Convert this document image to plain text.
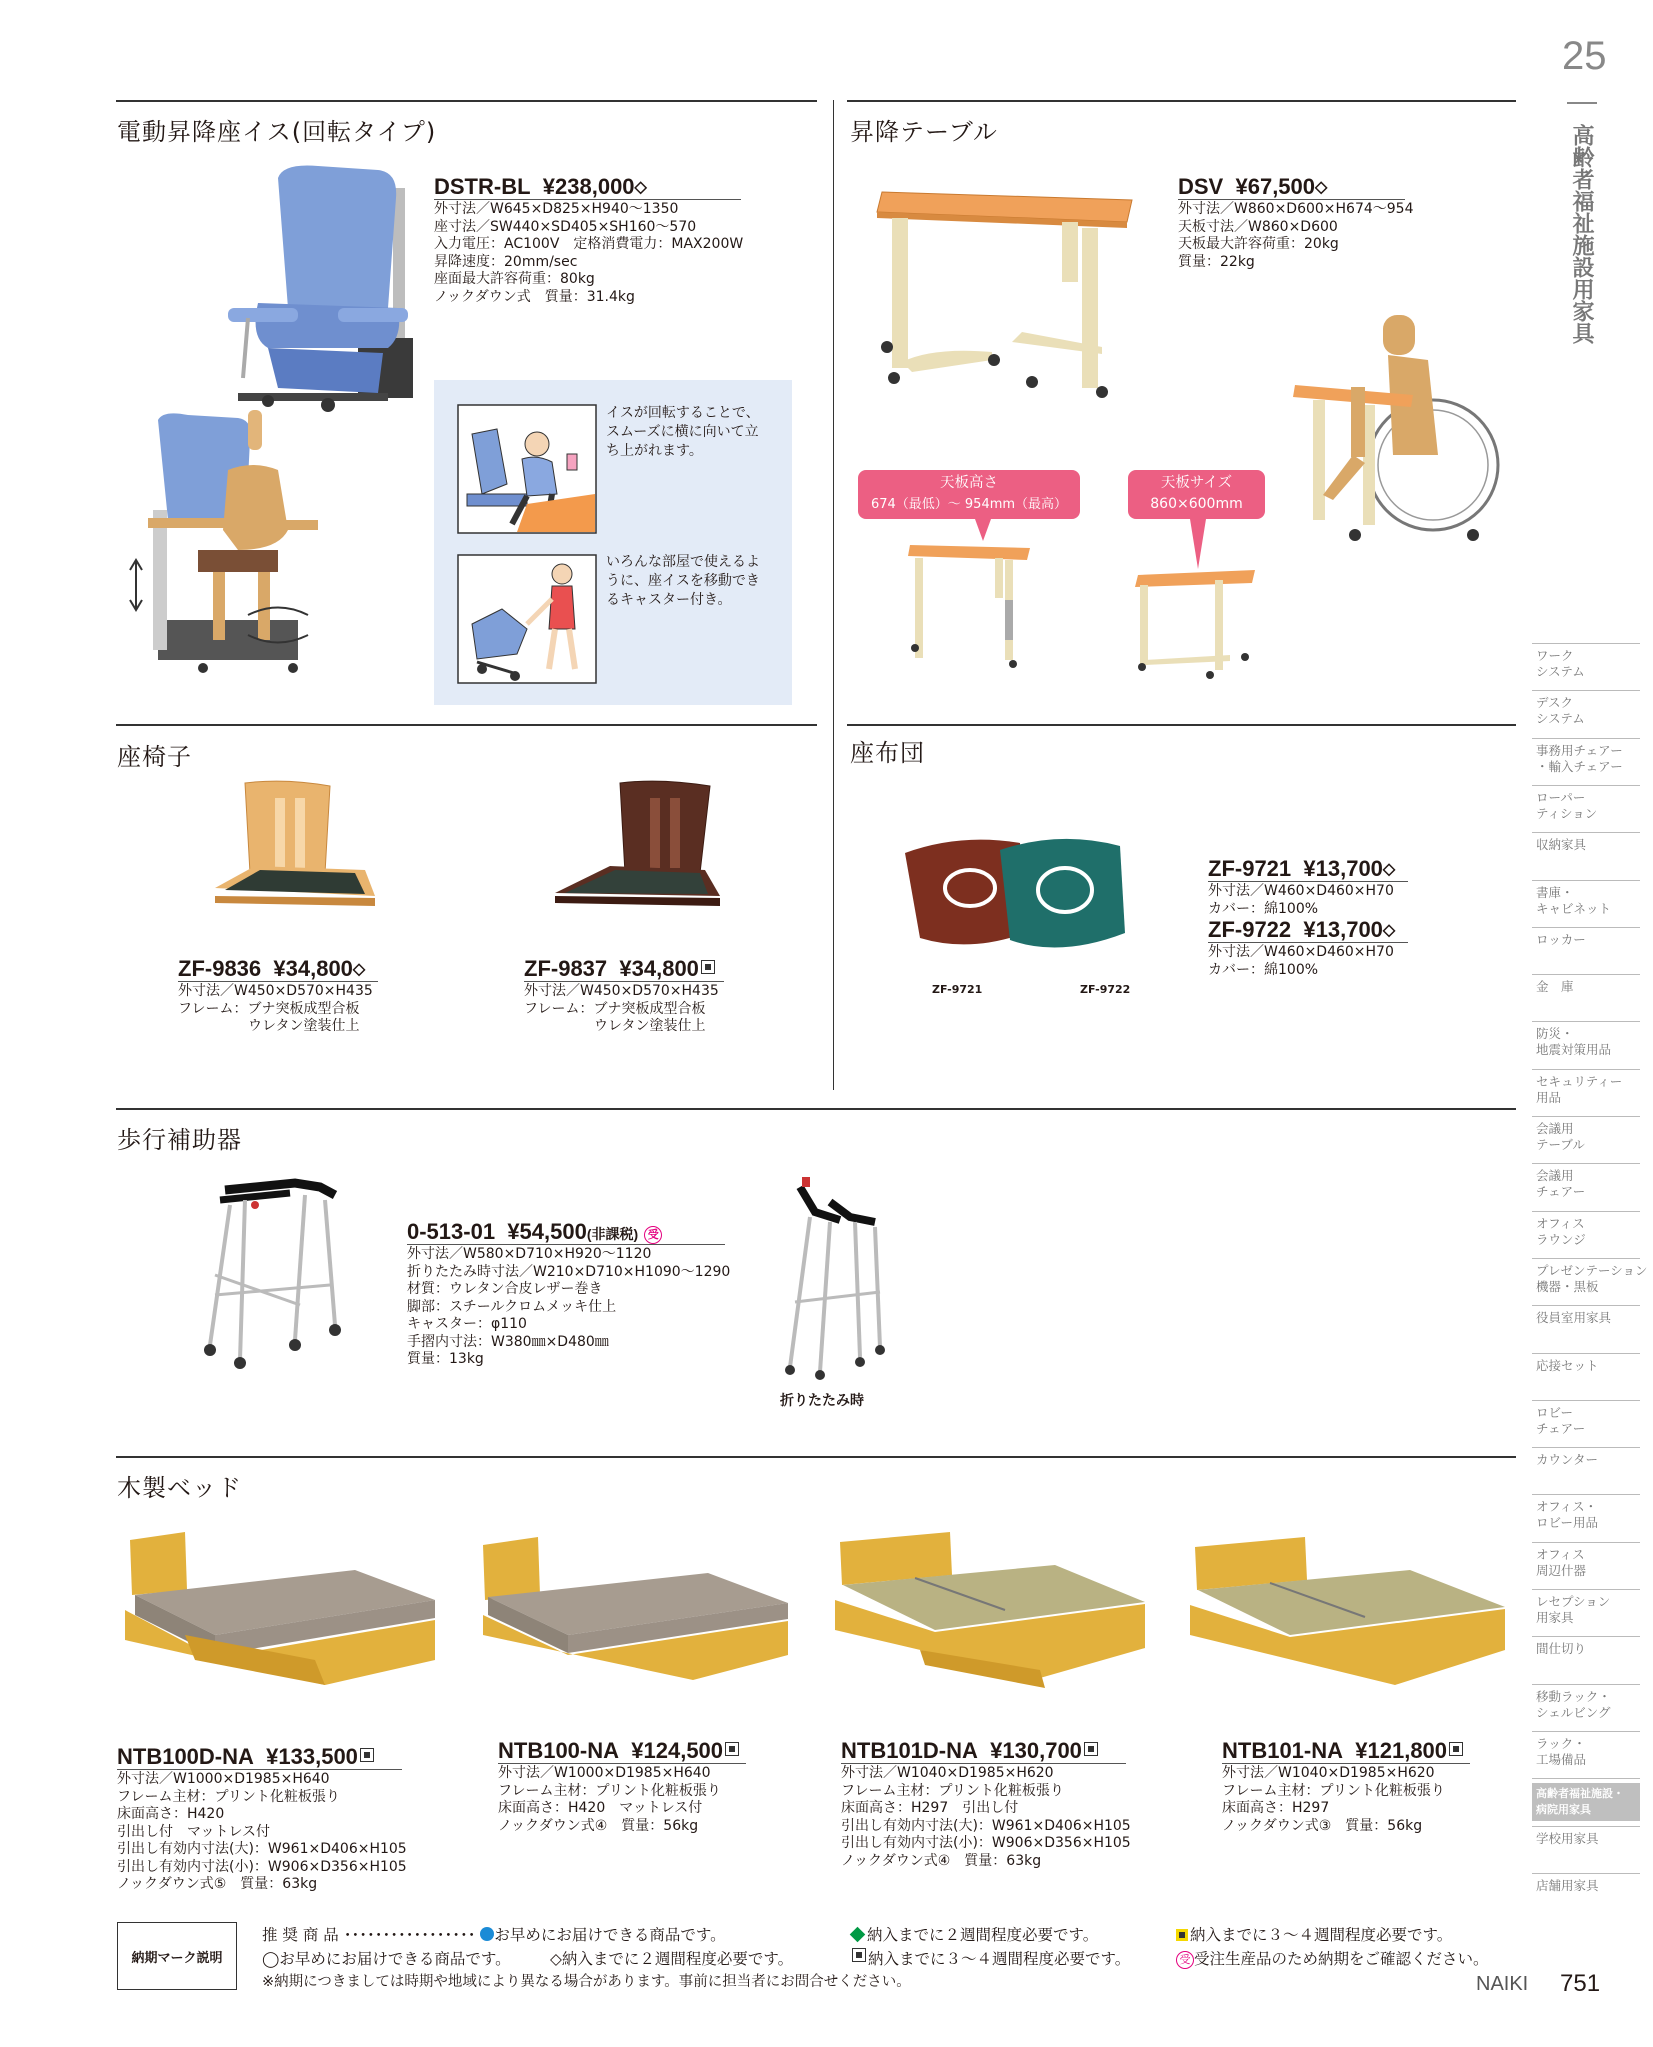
25
高齢者福祉施設用家具
電動昇降座イス(回転タイプ)
DSTR-BL ¥238,000◇
外寸法／W645×D825×H940～1350
座寸法／SW440×SD405×SH160～570
入力電圧：AC100V　定格消費電力：MAX200W
昇降速度：20mm/sec
座面最大許容荷重：80kg
ノックダウン式　質量：31.4kg
イスが回転することで、
スムーズに横に向いて立
ち上がれます。
いろんな部屋で使えるよ
うに、座イスを移動でき
るキャスター付き。
昇降テーブル
DSV ¥67,500◇
外寸法／W860×D600×H674～954
天板寸法／W860×D600
天板最大許容荷重：20kg
質量：22kg
天板高さ
674（最低）～ 954mm（最高）
天板サイズ
860×600mm
座椅子
ZF-9836 ¥34,800◇
外寸法／W450×D570×H435
フレーム：ブナ突板成型合板
　　　　　ウレタン塗装仕上
ZF-9837 ¥34,800
外寸法／W450×D570×H435
フレーム：ブナ突板成型合板
　　　　　ウレタン塗装仕上
座布団
ZF-9721	ZF-9722
ZF-9721 ¥13,700◇
外寸法／W460×D460×H70
カバー：綿100%
ZF-9722 ¥13,700◇
外寸法／W460×D460×H70
カバー：綿100%
歩行補助器
0-513-01 ¥54,500(非課税) 受
外寸法／W580×D710×H920～1120
折りたたみ時寸法／W210×D710×H1090～1290
材質：ウレタン合皮レザー巻き
脚部：スチールクロムメッキ仕上
キャスター：φ110
手摺内寸法：W380㎜×D480㎜
質量：13kg
折りたたみ時
木製ベッド
NTB100D-NA ¥133,500
外寸法／W1000×D1985×H640
フレーム主材：プリント化粧板張り
床面高さ：H420
引出し付　マットレス付
引出し有効内寸法(大)：W961×D406×H105
引出し有効内寸法(小)：W906×D356×H105
ノックダウン式⑤　質量：63kg
NTB100-NA ¥124,500
外寸法／W1000×D1985×H640
フレーム主材：プリント化粧板張り
床面高さ：H420　マットレス付
ノックダウン式④　質量：56kg
NTB101D-NA ¥130,700
外寸法／W1040×D1985×H620
フレーム主材：プリント化粧板張り
床面高さ：H297　引出し付
引出し有効内寸法(大)：W961×D406×H105
引出し有効内寸法(小)：W906×D356×H105
ノックダウン式④　質量：63kg
NTB101-NA ¥121,800
外寸法／W1040×D1985×H620
フレーム主材：プリント化粧板張り
床面高さ：H297
ノックダウン式③　質量：56kg
ワーク
システム
デスク
システム
事務用チェアー
・輸入チェアー
ローパー
ティション
収納家具
書庫・
キャビネット
ロッカー
金　庫
防災・
地震対策用品
セキュリティー
用品
会議用
テーブル
会議用
チェアー
オフィス
ラウンジ
プレゼンテーション
機器・黒板
役員室用家具
応接セット
ロビー
チェアー
カウンター
オフィス・
ロビー用品
オフィス
周辺什器
レセプション
用家具
間仕切り
移動ラック・
シェルビング
ラック・
工場備品
高齢者福祉施設・
病院用家具
学校用家具
店舗用家具
納期マーク説明
推 奨 商 品 ･････････････････ お早めにお届けできる商品です。	納入までに２週間程度必要です。	納入までに３～４週間程度必要です。
◯お早めにお届けできる商品です。	◇納入までに２週間程度必要です。	納入までに３～４週間程度必要です。	受 受注生産品のため納期をご確認ください。
※納期につきましては時期や地域により異なる場合があります。事前に担当者にお問合せください。	NAIKI 751
